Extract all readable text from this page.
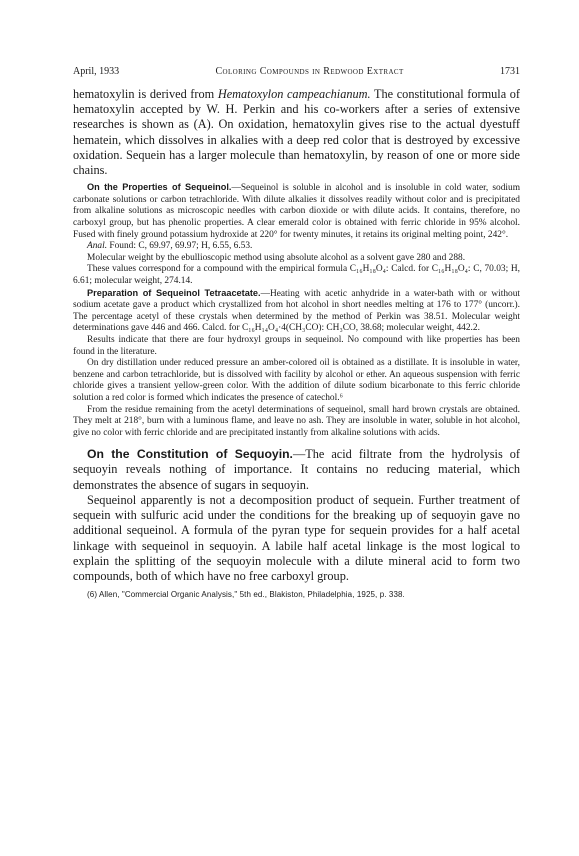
April, 1933	Coloring Compounds in Redwood Extract	1731

hematoxylin is derived from Hematoxylon campeachianum. The constitutional formula of hematoxylin accepted by W. H. Perkin and his co-workers after a series of extensive researches is shown as (A). On oxidation, hematoxylin gives rise to the actual dyestuff hematein, which dissolves in alkalies with a deep red color that is destroyed by excessive oxidation. Sequein has a larger molecule than hematoxylin, by reason of one or more side chains.

On the Properties of Sequeinol.—Sequeinol is soluble in alcohol and is insoluble in cold water, sodium carbonate solutions or carbon tetrachloride. With dilute alkalies it dissolves readily without color and is precipitated from alkaline solutions as microscopic needles with carbon dioxide or with dilute acids. It contains, therefore, no carboxyl group, but has phenolic properties. A clear emerald color is obtained with ferric chloride in 95% alcohol. Fused with finely ground potassium hydroxide at 220° for twenty minutes, it retains its original melting point, 242°.

Anal. Found: C, 69.97, 69.97; H, 6.55, 6.53.

Molecular weight by the ebullioscopic method using absolute alcohol as a solvent gave 280 and 288.

These values correspond for a compound with the empirical formula C₁₆H₁₈O₄: Calcd. for C₁₆H₁₈O₄: C, 70.03; H, 6.61; molecular weight, 274.14.

Preparation of Sequeinol Tetraacetate.—Heating with acetic anhydride in a water-bath with or without sodium acetate gave a product which crystallized from hot alcohol in short needles melting at 176 to 177° (uncorr.). The percentage acetyl of these crystals when determined by the method of Perkin was 38.51. Molecular weight determinations gave 446 and 466. Calcd. for C₁₆H₁₄O₄·4(CH₃CO): CH₃CO, 38.68; molecular weight, 442.2.

Results indicate that there are four hydroxyl groups in sequeinol. No compound with like properties has been found in the literature.

On dry distillation under reduced pressure an amber-colored oil is obtained as a distillate. It is insoluble in water, benzene and carbon tetrachloride, but is dissolved with facility by alcohol or ether. An aqueous suspension with ferric chloride gives a transient yellow-green color. With the addition of dilute sodium bicarbonate to this ferric chloride solution a red color is formed which indicates the presence of catechol.⁶

From the residue remaining from the acetyl determinations of sequeinol, small hard brown crystals are obtained. They melt at 218°, burn with a luminous flame, and leave no ash. They are insoluble in water, soluble in hot alcohol, give no color with ferric chloride and are precipitated instantly from alkaline solutions with acids.

On the Constitution of Sequoyin.—The acid filtrate from the hydrolysis of sequoyin reveals nothing of importance. It contains no reducing material, which demonstrates the absence of sugars in sequoyin.

Sequeinol apparently is not a decomposition product of sequein. Further treatment of sequein with sulfuric acid under the conditions for the breaking up of sequoyin gave no additional sequeinol. A formula of the pyran type for sequein provides for a half acetal linkage with sequeinol in sequoyin. A labile half acetal linkage is the most logical to explain the splitting of the sequoyin molecule with a dilute mineral acid to form two compounds, both of which have no free carboxyl group.

(6) Allen, "Commercial Organic Analysis," 5th ed., Blakiston, Philadelphia, 1925, p. 338.
